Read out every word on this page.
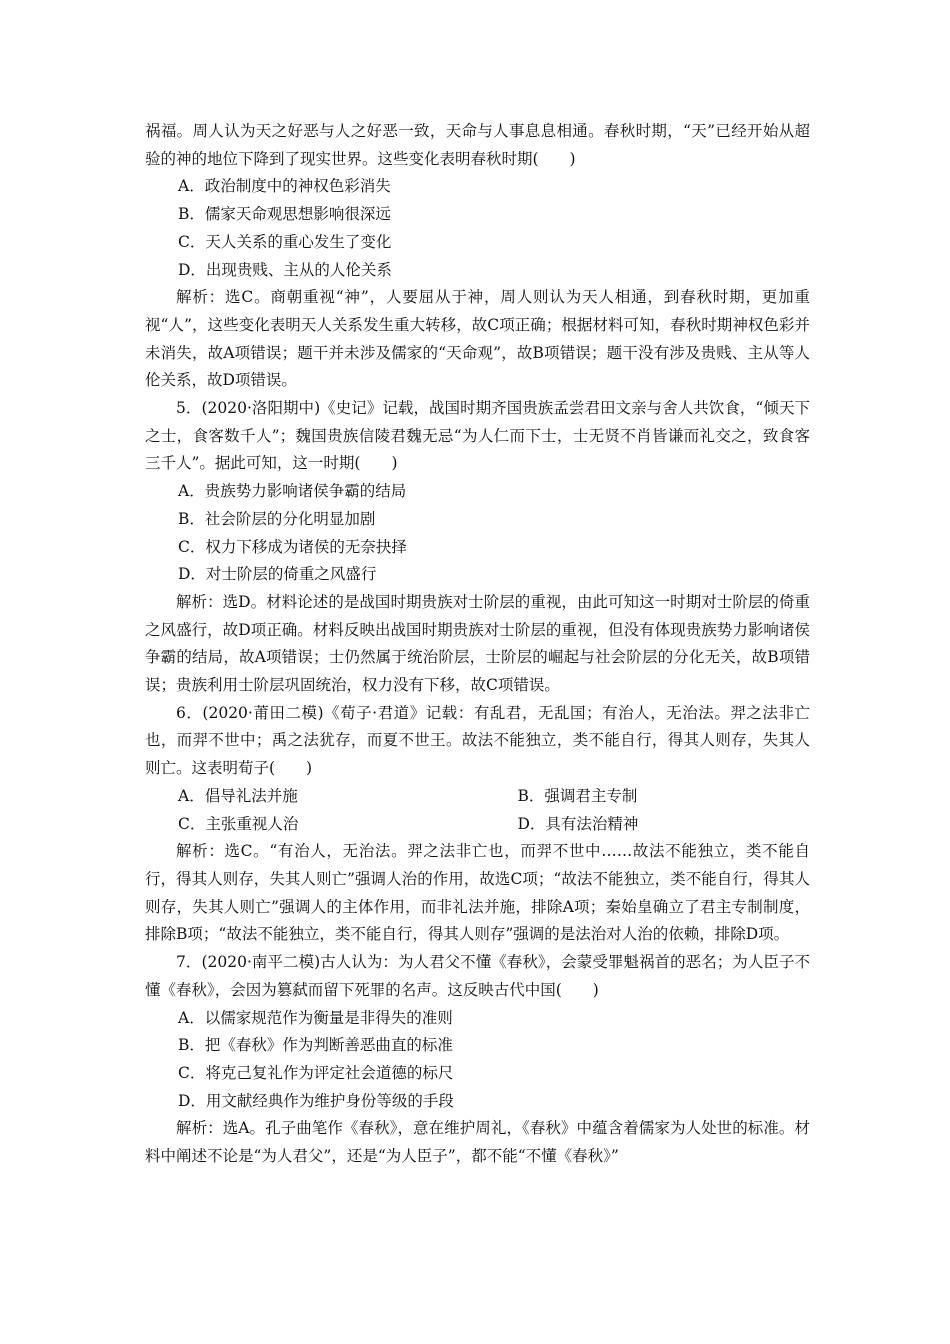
祸福。周人认为天之好恶与人之好恶一致，天命与人事息息相通。春秋时期，“天”已经开始从超验的神的地位下降到了现实世界。这些变化表明春秋时期(　　)

A．政治制度中的神权色彩消失

B．儒家天命观思想影响很深远

C．天人关系的重心发生了变化

D．出现贵贱、主从的人伦关系

解析：选C。商朝重视“神”，人要屈从于神，周人则认为天人相通，到春秋时期，更加重视“人”，这些变化表明天人关系发生重大转移，故C项正确；根据材料可知，春秋时期神权色彩并未消失，故A项错误；题干并未涉及儒家的“天命观”，故B项错误；题干没有涉及贵贱、主从等人伦关系，故D项错误。

5．(2020·洛阳期中)《史记》记载，战国时期齐国贵族孟尝君田文亲与舍人共饮食，“倾天下之士，食客数千人”；魏国贵族信陵君魏无忌“为人仁而下士，士无贤不肖皆谦而礼交之，致食客三千人”。据此可知，这一时期(　　)

A．贵族势力影响诸侯争霸的结局

B．社会阶层的分化明显加剧

C．权力下移成为诸侯的无奈抉择

D．对士阶层的倚重之风盛行

解析：选D。材料论述的是战国时期贵族对士阶层的重视，由此可知这一时期对士阶层的倚重之风盛行，故D项正确。材料反映出战国时期贵族对士阶层的重视，但没有体现贵族势力影响诸侯争霸的结局，故A项错误；士仍然属于统治阶层，士阶层的崛起与社会阶层的分化无关，故B项错误；贵族利用士阶层巩固统治，权力没有下移，故C项错误。

6．(2020·莆田二模)《荀子·君道》记载：有乱君，无乱国；有治人，无治法。羿之法非亡也，而羿不世中；禹之法犹存，而夏不世王。故法不能独立，类不能自行，得其人则存，失其人则亡。这表明荀子(　　)

A．倡导礼法并施	B．强调君主专制
C．主张重视人治	D．具有法治精神

解析：选C。“有治人，无治法。羿之法非亡也，而羿不世中……故法不能独立，类不能自行，得其人则存，失其人则亡”强调人治的作用，故选C项；“故法不能独立，类不能自行，得其人则存，失其人则亡”强调人的主体作用，而非礼法并施，排除A项；秦始皇确立了君主专制制度，排除B项；“故法不能独立，类不能自行，得其人则存”强调的是法治对人治的依赖，排除D项。

7．(2020·南平二模)古人认为：为人君父不懂《春秋》，会蒙受罪魁祸首的恶名；为人臣子不懂《春秋》，会因为篡弑而留下死罪的名声。这反映古代中国(　　)

A．以儒家规范作为衡量是非得失的准则

B．把《春秋》作为判断善恶曲直的标准

C．将克己复礼作为评定社会道德的标尺

D．用文献经典作为维护身份等级的手段

解析：选A。孔子曲笔作《春秋》，意在维护周礼，《春秋》中蕴含着儒家为人处世的标准。材料中阐述不论是“为人君父”，还是“为人臣子”，都不能“不懂《春秋》”
